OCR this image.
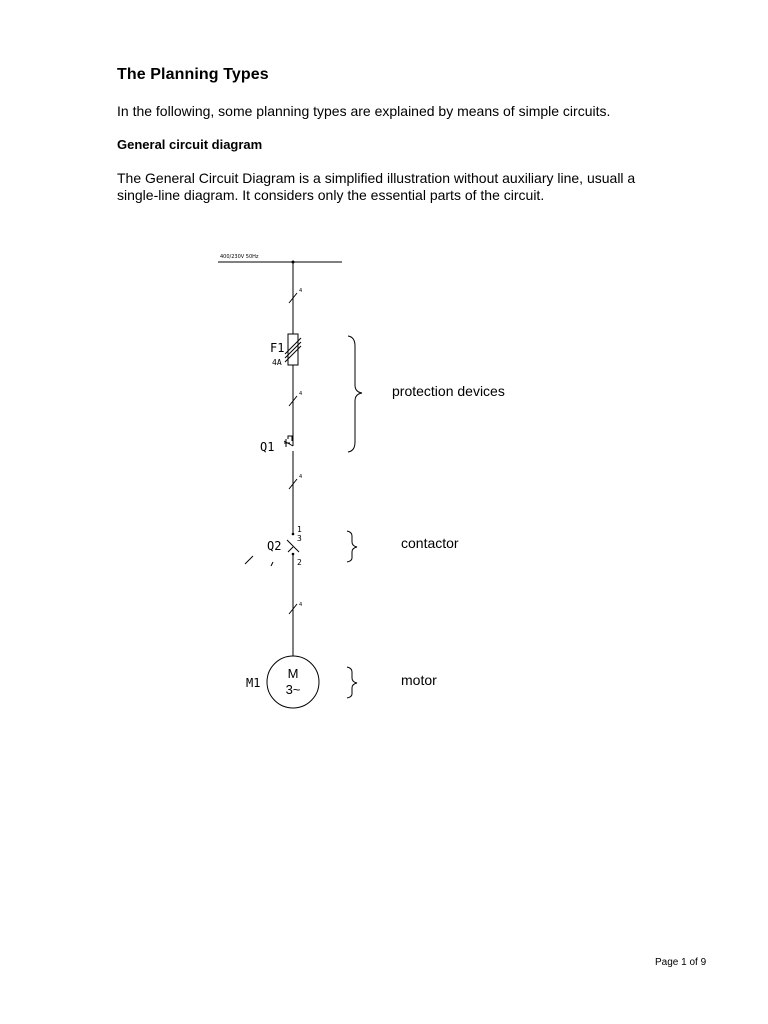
The Planning Types
In the following, some planning types are explained by means of simple circuits.
General circuit diagram
The General Circuit Diagram is a simplified illustration without auxiliary line, usuall a
single-line diagram. It considers only the essential parts of the circuit.
400/230V 50Hz
4
4
4
4
F1
4A
Q1
1
3
2
Q2
M
3~
M1
protection devices
contactor
motor
Page 1 of 9
